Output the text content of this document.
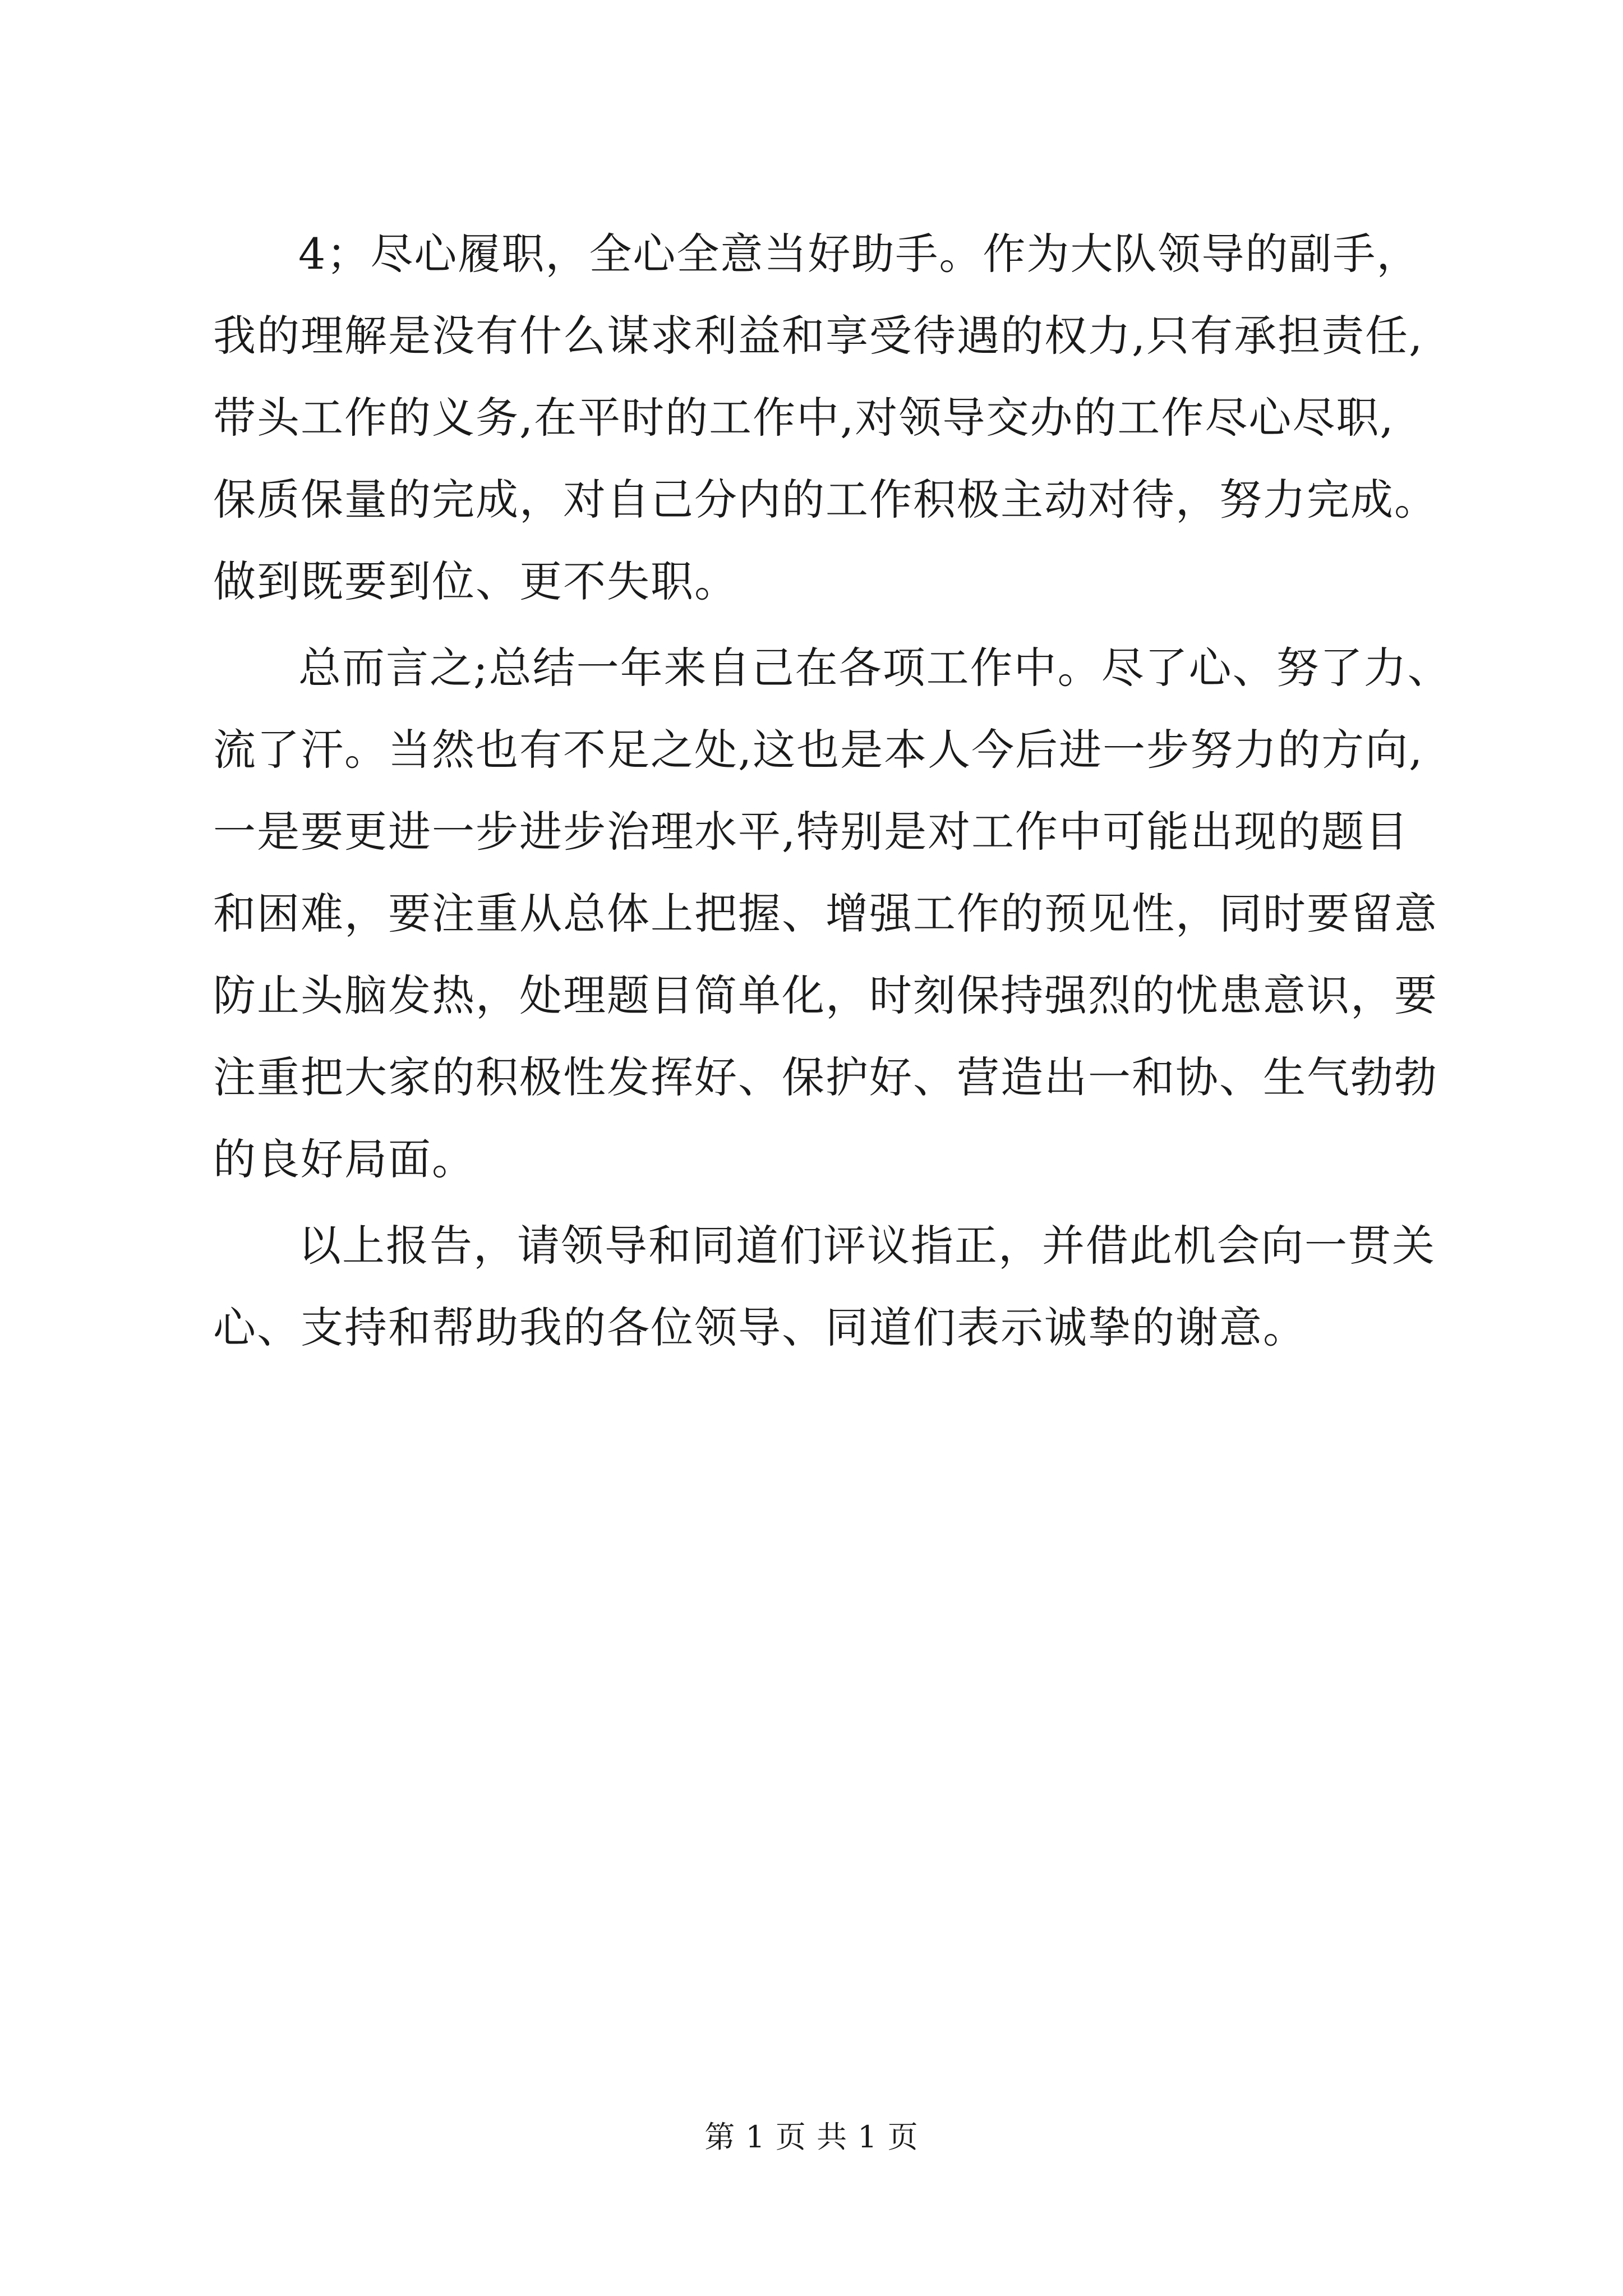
4；尽心履职，全心全意当好助手。作为大队领导的副手，
我的理解是没有什么谋求利益和享受待遇的权力,只有承担责任,
带头工作的义务,在平时的工作中,对领导交办的工作尽心尽职,
保质保量的完成，对自己分内的工作积极主动对待，努力完成。
做到既要到位、更不失职。
总而言之;总结一年来自己在各项工作中。尽了心、努了力、
流了汗。当然也有不足之处,这也是本人今后进一步努力的方向,
一是要更进一步进步治理水平,特别是对工作中可能出现的题目
和困难，要注重从总体上把握、增强工作的预见性，同时要留意
防止头脑发热，处理题目简单化，时刻保持强烈的忧患意识，要
注重把大家的积极性发挥好、保护好、营造出一和协、生气勃勃
的良好局面。
以上报告，请领导和同道们评议指正，并借此机会向一贯关
心、支持和帮助我的各位领导、同道们表示诚挚的谢意。
第 1 页 共 1 页
